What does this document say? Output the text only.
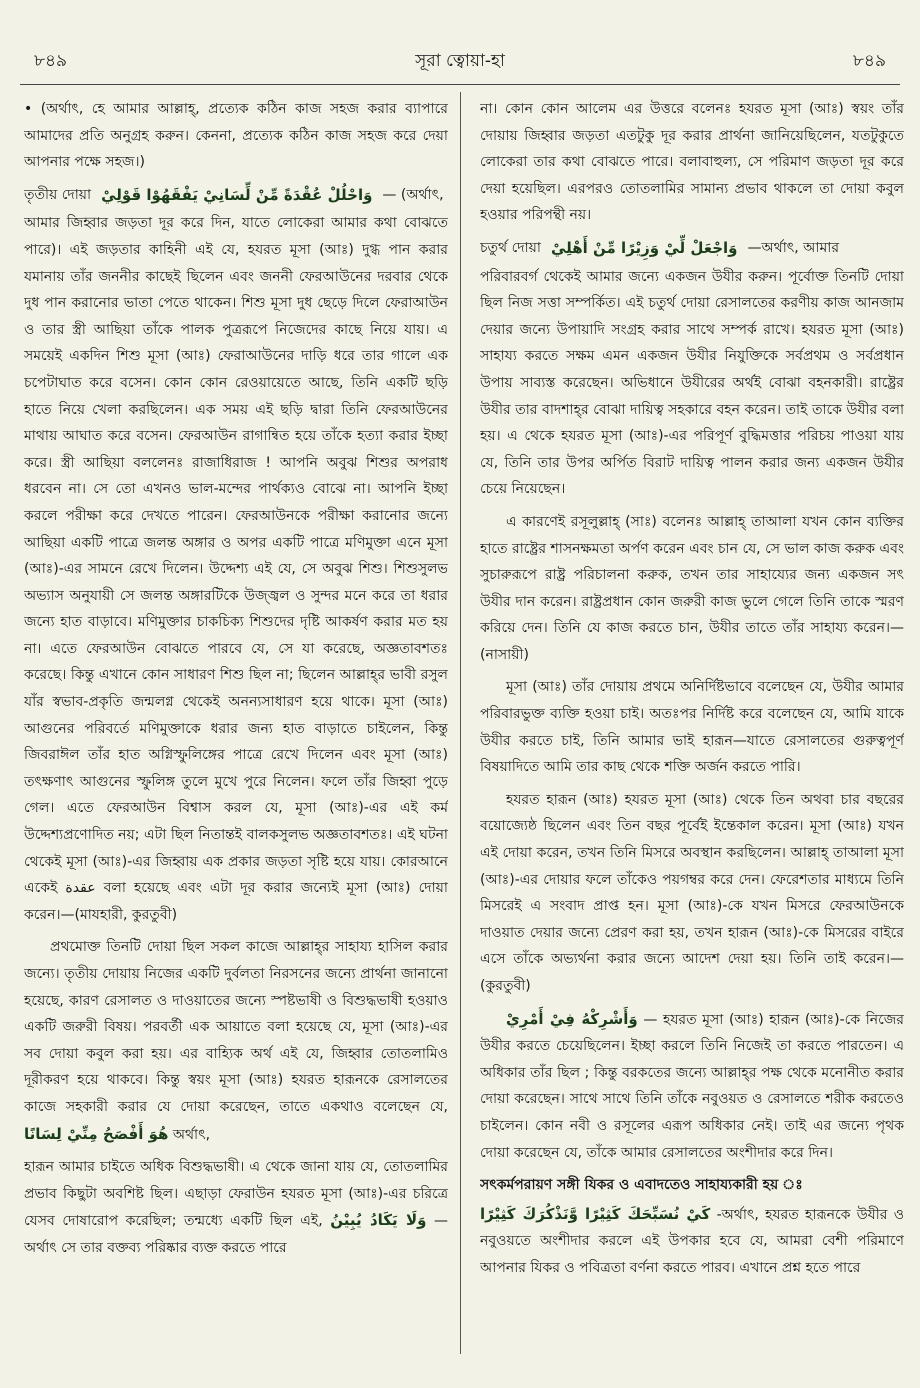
৮৪৯	সূরা ত্বোয়া-হা	৮৪৯

• (অর্থাৎ, হে আমার আল্লাহ্, প্রত্যেক কঠিন কাজ সহজ করার ব্যাপারে আমাদের প্রতি অনুগ্রহ করুন। কেননা, প্রত্যেক কঠিন কাজ সহজ করে দেয়া আপনার পক্ষে সহজ।)

তৃতীয় দোয়া وَاحْلُلْ عُقْدَةً مِّنْ لِّسَانِيْ يَفْقَهُوْا قَوْلِيْ — (অর্থাৎ,

আমার জিহ্বার জড়তা দূর করে দিন, যাতে লোকেরা আমার কথা বোঝতে পারে)। এই জড়তার কাহিনী এই যে, হযরত মূসা (আঃ) দুগ্ধ পান করার যমানায় তাঁর জননীর কাছেই ছিলেন এবং জননী ফেরআউনের দরবার থেকে দুধ পান করানোর ভাতা পেতে থাকেন। শিশু মূসা দুধ ছেড়ে দিলে ফেরাআউন ও তার স্ত্রী আছিয়া তাঁকে পালক পুত্ররূপে নিজেদের কাছে নিয়ে যায়। এ সময়েই একদিন শিশু মূসা (আঃ) ফেরাআউনের দাড়ি ধরে তার গালে এক চপেটাঘাত করে বসেন। কোন কোন রেওয়ায়েতে আছে, তিনি একটি ছড়ি হাতে নিয়ে খেলা করছিলেন। এক সময় এই ছড়ি দ্বারা তিনি ফেরআউনের মাথায় আঘাত করে বসেন। ফেরআউন রাগান্বিত হয়ে তাঁকে হত্যা করার ইচ্ছা করে। স্ত্রী আছিয়া বললেনঃ রাজাধিরাজ ! আপনি অবুঝ শিশুর অপরাধ ধরবেন না। সে তো এখনও ভাল-মন্দের পার্থক্যও বোঝে না। আপনি ইচ্ছা করলে পরীক্ষা করে দেখতে পারেন। ফেরআউনকে পরীক্ষা করানোর জন্যে আছিয়া একটি পাত্রে জলন্ত অঙ্গার ও অপর একটি পাত্রে মণিমুক্তা এনে মূসা (আঃ)-এর সামনে রেখে দিলেন। উদ্দেশ্য এই যে, সে অবুঝ শিশু। শিশুসুলভ অভ্যাস অনুযায়ী সে জলন্ত অঙ্গারটিকে উজ্জ্বল ও সুন্দর মনে করে তা ধরার জন্যে হাত বাড়াবে। মণিমুক্তার চাকচিক্য শিশুদের দৃষ্টি আকর্ষণ করার মত হয় না। এতে ফেরআউন বোঝতে পারবে যে, সে যা করেছে, অজ্ঞতাবশতঃ করেছে। কিন্তু এখানে কোন সাধারণ শিশু ছিল না; ছিলেন আল্লাহ্‌র ভাবী রসুল যাঁর স্বভাব-প্রকৃতি জন্মলগ্ন থেকেই অনন্যসাধারণ হয়ে থাকে। মূসা (আঃ) আগুনের পরিবর্তে মণিমুক্তাকে ধরার জন্য হাত বাড়াতে চাইলেন, কিন্তু জিবরাঈল তাঁর হাত অগ্নিস্ফুলিঙ্গের পাত্রে রেখে দিলেন এবং মূসা (আঃ) তৎক্ষণাৎ আগুনের স্ফুলিঙ্গ তুলে মুখে পুরে নিলেন। ফলে তাঁর জিহ্বা পুড়ে গেল। এতে ফেরআউন বিশ্বাস করল যে, মূসা (আঃ)-এর এই কর্ম উদ্দেশ্যপ্রণোদিত নয়; এটা ছিল নিতান্তই বালকসুলভ অজ্ঞতাবশতঃ। এই ঘটনা থেকেই মূসা (আঃ)-এর জিহ্বায় এক প্রকার জড়তা সৃষ্টি হয়ে যায়। কোরআনে একেই عقدة বলা হয়েছে এবং এটা দূর করার জন্যেই মূসা (আঃ) দোয়া করেন।—(মাযহারী, কুরতুবী)

প্রথমোক্ত তিনটি দোয়া ছিল সকল কাজে আল্লাহ্‌র সাহায্য হাসিল করার জন্যে। তৃতীয় দোয়ায় নিজের একটি দুর্বলতা নিরসনের জন্যে প্রার্থনা জানানো হয়েছে, কারণ রেসালত ও দাওয়াতের জন্যে স্পষ্টভাষী ও বিশুদ্ধভাষী হওয়াও একটি জরুরী বিষয়। পরবর্তী এক আয়াতে বলা হয়েছে যে, মূসা (আঃ)-এর সব দোয়া কবুল করা হয়। এর বাহ্যিক অর্থ এই যে, জিহ্বার তোতলামিও দূরীকরণ হয়ে থাকবে। কিন্তু স্বয়ং মূসা (আঃ) হযরত হারূনকে রেসালতের কাজে সহকারী করার যে দোয়া করেছেন, তাতে একথাও বলেছেন যে, هُوَ أَفْصَحُ مِنِّيْ لِسَانًا অর্থাৎ,

হারূন আমার চাইতে অধিক বিশুদ্ধভাষী। এ থেকে জানা যায় যে, তোতলামির প্রভাব কিছুটা অবশিষ্ট ছিল। এছাড়া ফেরাউন হযরত মূসা (আঃ)-এর চরিত্রে যেসব দোষারোপ করেছিল; তন্মধ্যে একটি ছিল এই, وَلَا يَكَادُ يُبِيْنُ —অর্থাৎ সে তার বক্তব্য পরিষ্কার ব্যক্ত করতে পারে

না। কোন কোন আলেম এর উত্তরে বলেনঃ হযরত মূসা (আঃ) স্বয়ং তাঁর দোয়ায় জিহ্বার জড়তা এতটুকু দূর করার প্রার্থনা জানিয়েছিলেন, যতটুকুতে লোকেরা তার কথা বোঝতে পারে। বলাবাহুল্য, সে পরিমাণ জড়তা দূর করে দেয়া হয়েছিল। এরপরও তোতলামির সামান্য প্রভাব থাকলে তা দোয়া কবুল হওয়ার পরিপন্থী নয়।

চতুর্থ দোয়া وَاجْعَلْ لِّيْ وَزِيْرًا مِّنْ أَهْلِيْ —অর্থাৎ, আমার

পরিবারবর্গ থেকেই আমার জন্যে একজন উযীর করুন। পূর্বোক্ত তিনটি দোয়া ছিল নিজ সত্তা সম্পর্কিত। এই চতুর্থ দোয়া রেসালতের করণীয় কাজ আনজাম দেয়ার জন্যে উপায়াদি সংগ্রহ করার সাথে সম্পর্ক রাখে। হযরত মূসা (আঃ) সাহায্য করতে সক্ষম এমন একজন উযীর নিযুক্তিকে সর্বপ্রথম ও সর্বপ্রধান উপায় সাব্যস্ত করেছেন। অভিধানে উযীরের অর্থই বোঝা বহনকারী। রাষ্ট্রের উযীর তার বাদশাহ্‌র বোঝা দায়িত্ব সহকারে বহন করেন। তাই তাকে উযীর বলা হয়। এ থেকে হযরত মূসা (আঃ)-এর পরিপূর্ণ বুদ্ধিমত্তার পরিচয় পাওয়া যায় যে, তিনি তার উপর অর্পিত বিরাট দায়িত্ব পালন করার জন্য একজন উযীর চেয়ে নিয়েছেন।

এ কারণেই রসূলুল্লাহ্ (সাঃ) বলেনঃ আল্লাহ্ তাআলা যখন কোন ব্যক্তির হাতে রাষ্ট্রের শাসনক্ষমতা অর্পণ করেন এবং চান যে, সে ভাল কাজ করুক এবং সুচারুরূপে রাষ্ট্র পরিচালনা করুক, তখন তার সাহায্যের জন্য একজন সৎ উযীর দান করেন। রাষ্ট্রপ্রধান কোন জরুরী কাজ ভুলে গেলে তিনি তাকে স্মরণ করিয়ে দেন। তিনি যে কাজ করতে চান, উযীর তাতে তাঁর সাহায্য করেন।—(নাসায়ী)

মূসা (আঃ) তাঁর দোয়ায় প্রথমে অনির্দিষ্টভাবে বলেছেন যে, উযীর আমার পরিবারভুক্ত ব্যক্তি হওয়া চাই। অতঃপর নির্দিষ্ট করে বলেছেন যে, আমি যাকে উযীর করতে চাই, তিনি আমার ভাই হারূন—যাতে রেসালতের গুরুত্বপূর্ণ বিষয়াদিতে আমি তার কাছ থেকে শক্তি অর্জন করতে পারি।

হযরত হারূন (আঃ) হযরত মূসা (আঃ) থেকে তিন অথবা চার বছরের বয়োজ্যেষ্ঠ ছিলেন এবং তিন বছর পূর্বেই ইন্তেকাল করেন। মূসা (আঃ) যখন এই দোয়া করেন, তখন তিনি মিসরে অবস্থান করছিলেন। আল্লাহ্ তাআলা মূসা (আঃ)-এর দোয়ার ফলে তাঁকেও পয়গম্বর করে দেন। ফেরেশতার মাধ্যমে তিনি মিসরেই এ সংবাদ প্রাপ্ত হন। মূসা (আঃ)-কে যখন মিসরে ফেরআউনকে দাওয়াত দেয়ার জন্যে প্রেরণ করা হয়, তখন হারূন (আঃ)-কে মিসরের বাইরে এসে তাঁকে অভ্যর্থনা করার জন্যে আদেশ দেয়া হয়। তিনি তাই করেন।—(কুরতুবী)

وَأَشْرِكْهُ فِيْ أَمْرِيْ — হযরত মূসা (আঃ) হারূন (আঃ)-কে নিজের উযীর করতে চেয়েছিলেন। ইচ্ছা করলে তিনি নিজেই তা করতে পারতেন। এ অধিকার তাঁর ছিল ; কিন্তু বরকতের জন্যে আল্লাহ্‌র পক্ষ থেকে মনোনীত করার দোয়া করেছেন। সাথে সাথে তিনি তাঁকে নবুওয়ত ও রেসালতে শরীক করতেও চাইলেন। কোন নবী ও রসূলের এরূপ অধিকার নেই। তাই এর জন্যে পৃথক দোয়া করেছেন যে, তাঁকে আমার রেসালতের অংশীদার করে দিন।

সৎকর্মপরায়ণ সঙ্গী যিকর ও এবাদতেও সাহায্যকারী হয় ঃ

كَيْ نُسَبِّحَكَ كَثِيْرًا وَّنَذْكُرَكَ كَثِيْرًا -অর্থাৎ, হযরত হারূনকে উযীর ও নবুওয়তে অংশীদার করলে এই উপকার হবে যে, আমরা বেশী পরিমাণে আপনার যিকর ও পবিত্রতা বর্ণনা করতে পারব। এখানে প্রশ্ন হতে পারে
